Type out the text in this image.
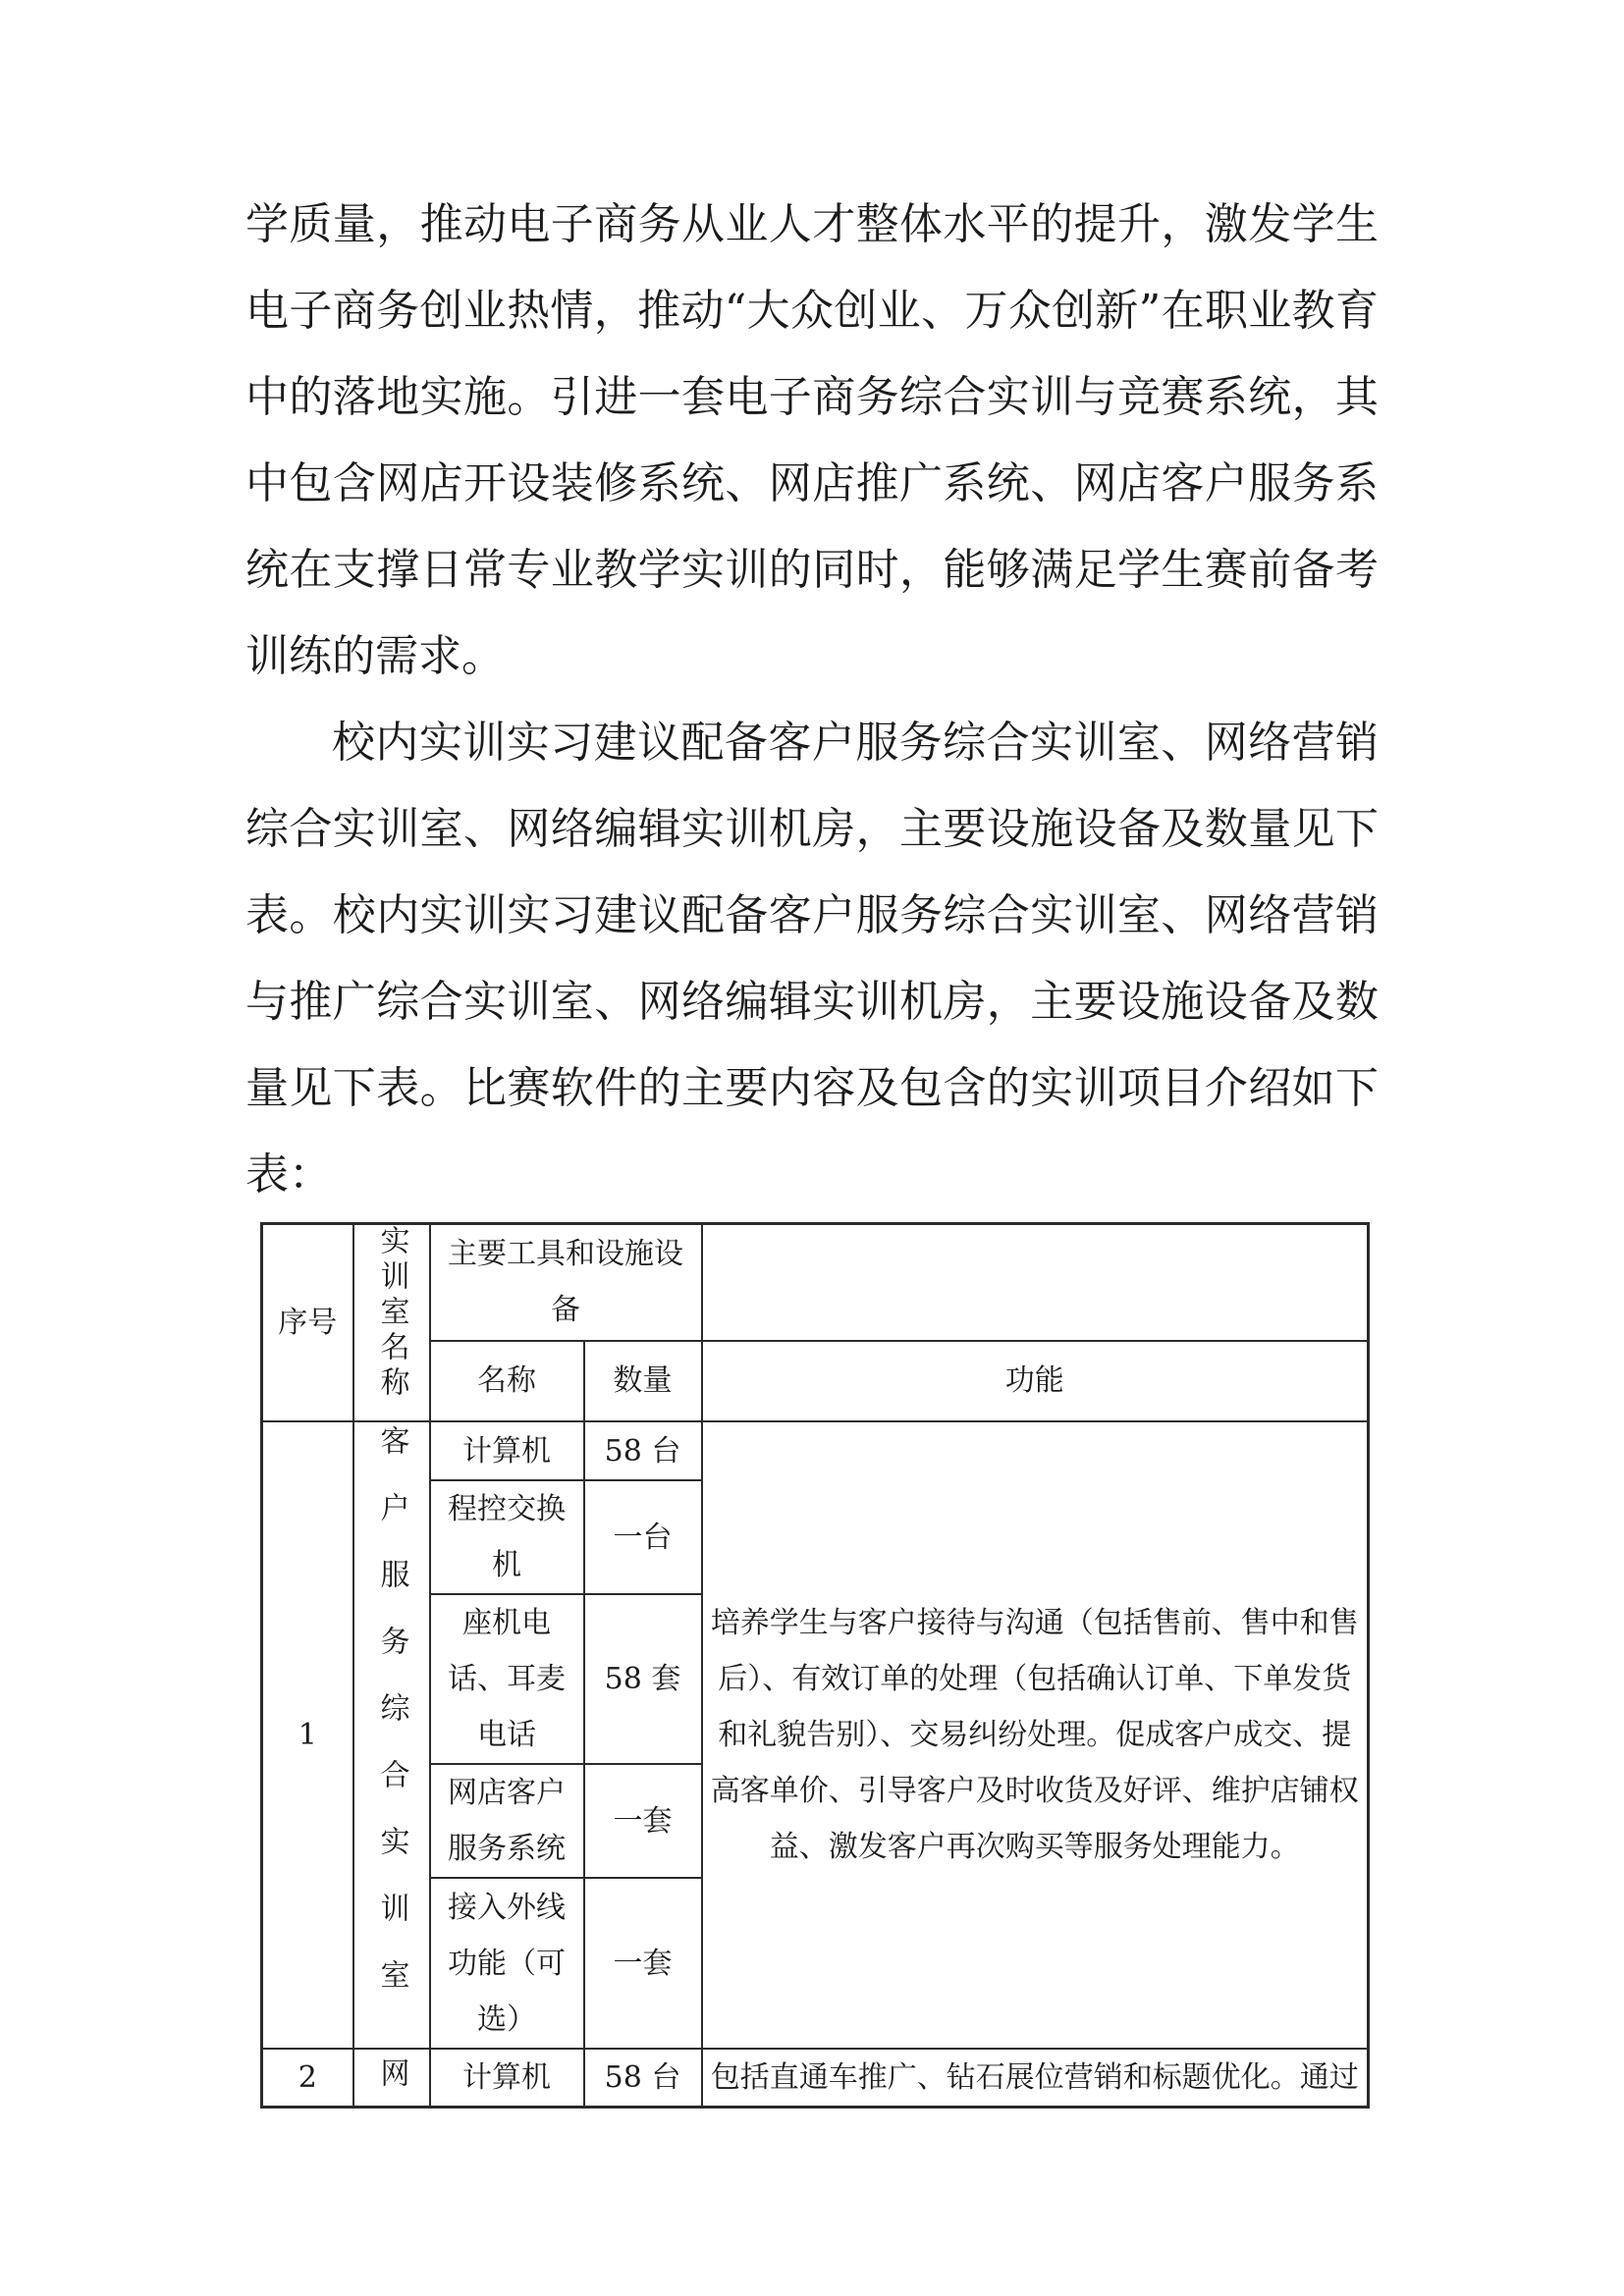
学质量，推动电子商务从业人才整体水平的提升，激发学生电子商务创业热情，推动“大众创业、万众创新”在职业教育中的落地实施。引进一套电子商务综合实训与竞赛系统，其中包含网店开设装修系统、网店推广系统、网店客户服务系统在支撑日常专业教学实训的同时，能够满足学生赛前备考训练的需求。

校内实训实习建议配备客户服务综合实训室、网络营销综合实训室、网络编辑实训机房，主要设施设备及数量见下表。校内实训实习建议配备客户服务综合实训室、网络营销与推广综合实训室、网络编辑实训机房，主要设施设备及数量见下表。比赛软件的主要内容及包含的实训项目介绍如下表：

序号	实训室名称	主要工具和设施设备		
		名称	数量	功能
1	客户服务综合实训室	计算机	58 台	培养学生与客户接待与沟通（包括售前、售中和售后）、有效订单的处理（包括确认订单、下单发货和礼貌告别）、交易纠纷处理。促成客户成交、提高客单价、引导客户及时收货及好评、维护店铺权益、激发客户再次购买等服务处理能力。
		程控交换机	一台	
		座机电话、耳麦电话	58 套	
		网店客户服务系统	一套	
		接入外线功能（可选）	一套	
2	网	计算机	58 台	包括直通车推广、钻石展位营销和标题优化。通过
